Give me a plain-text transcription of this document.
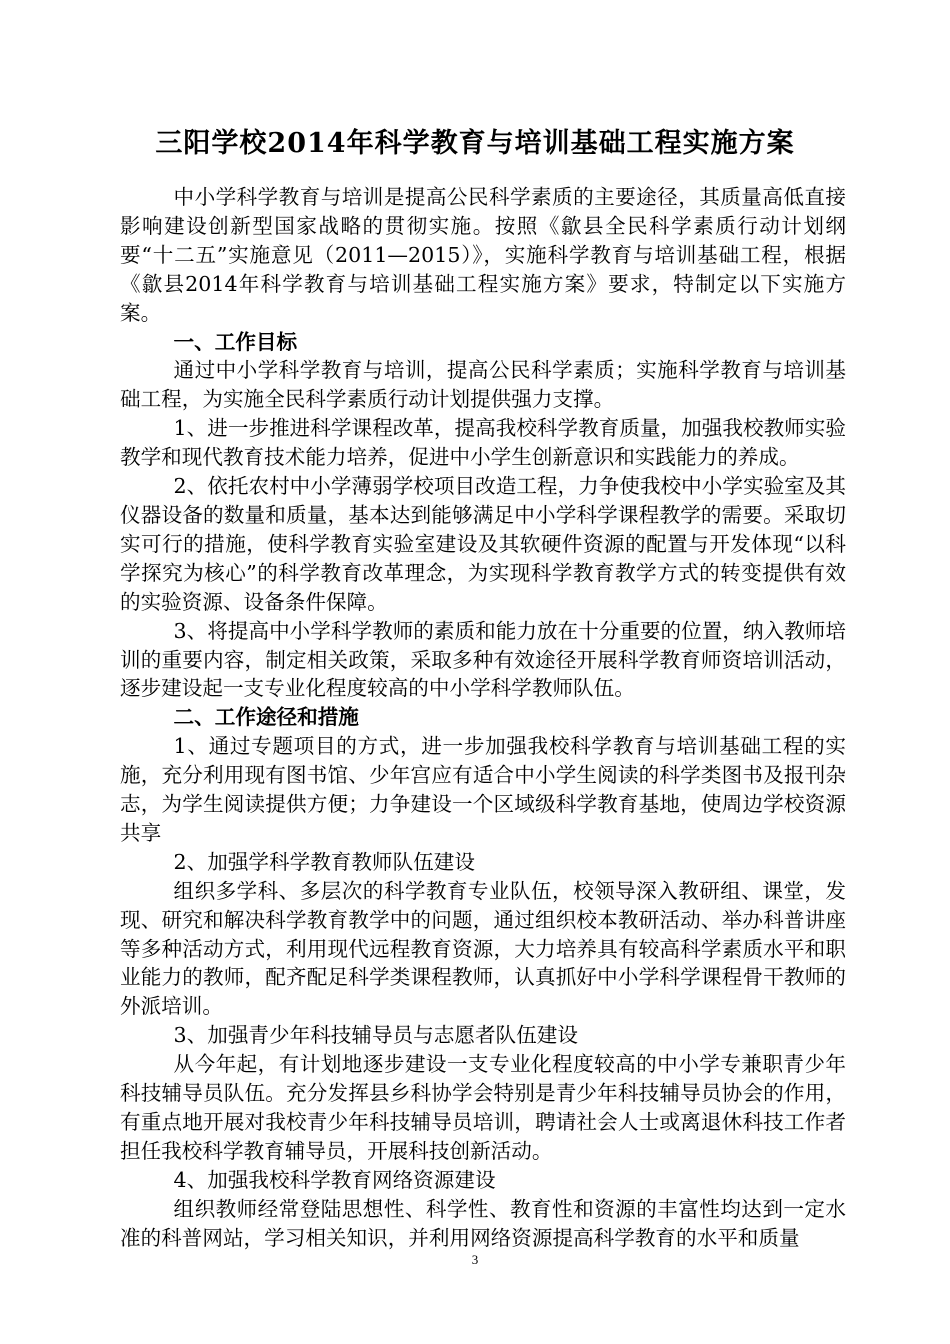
三阳学校2014年科学教育与培训基础工程实施方案

中小学科学教育与培训是提高公民科学素质的主要途径，其质量高低直接影响建设创新型国家战略的贯彻实施。按照《歙县全民科学素质行动计划纲要“十二五”实施意见（2011—2015）》，实施科学教育与培训基础工程，根据《歙县2014年科学教育与培训基础工程实施方案》要求，特制定以下实施方案。

一、工作目标

通过中小学科学教育与培训，提高公民科学素质；实施科学教育与培训基础工程，为实施全民科学素质行动计划提供强力支撑。

1、进一步推进科学课程改革，提高我校科学教育质量，加强我校教师实验教学和现代教育技术能力培养，促进中小学生创新意识和实践能力的养成。

2、依托农村中小学薄弱学校项目改造工程，力争使我校中小学实验室及其仪器设备的数量和质量，基本达到能够满足中小学科学课程教学的需要。采取切实可行的措施，使科学教育实验室建设及其软硬件资源的配置与开发体现“以科学探究为核心”的科学教育改革理念，为实现科学教育教学方式的转变提供有效的实验资源、设备条件保障。

3、将提高中小学科学教师的素质和能力放在十分重要的位置，纳入教师培训的重要内容，制定相关政策，采取多种有效途径开展科学教育师资培训活动，逐步建设起一支专业化程度较高的中小学科学教师队伍。

二、工作途径和措施

1、通过专题项目的方式，进一步加强我校科学教育与培训基础工程的实施，充分利用现有图书馆、少年宫应有适合中小学生阅读的科学类图书及报刊杂志，为学生阅读提供方便；力争建设一个区域级科学教育基地，使周边学校资源共享

2、加强学科学教育教师队伍建设

组织多学科、多层次的科学教育专业队伍，校领导深入教研组、课堂，发现、研究和解决科学教育教学中的问题，通过组织校本教研活动、举办科普讲座等多种活动方式，利用现代远程教育资源，大力培养具有较高科学素质水平和职业能力的教师，配齐配足科学类课程教师，认真抓好中小学科学课程骨干教师的外派培训。

3、加强青少年科技辅导员与志愿者队伍建设

从今年起，有计划地逐步建设一支专业化程度较高的中小学专兼职青少年科技辅导员队伍。充分发挥县乡科协学会特别是青少年科技辅导员协会的作用，有重点地开展对我校青少年科技辅导员培训，聘请社会人士或离退休科技工作者担任我校科学教育辅导员，开展科技创新活动。

4、加强我校科学教育网络资源建设

组织教师经常登陆思想性、科学性、教育性和资源的丰富性均达到一定水准的科普网站，学习相关知识，并利用网络资源提高科学教育的水平和质量

3
